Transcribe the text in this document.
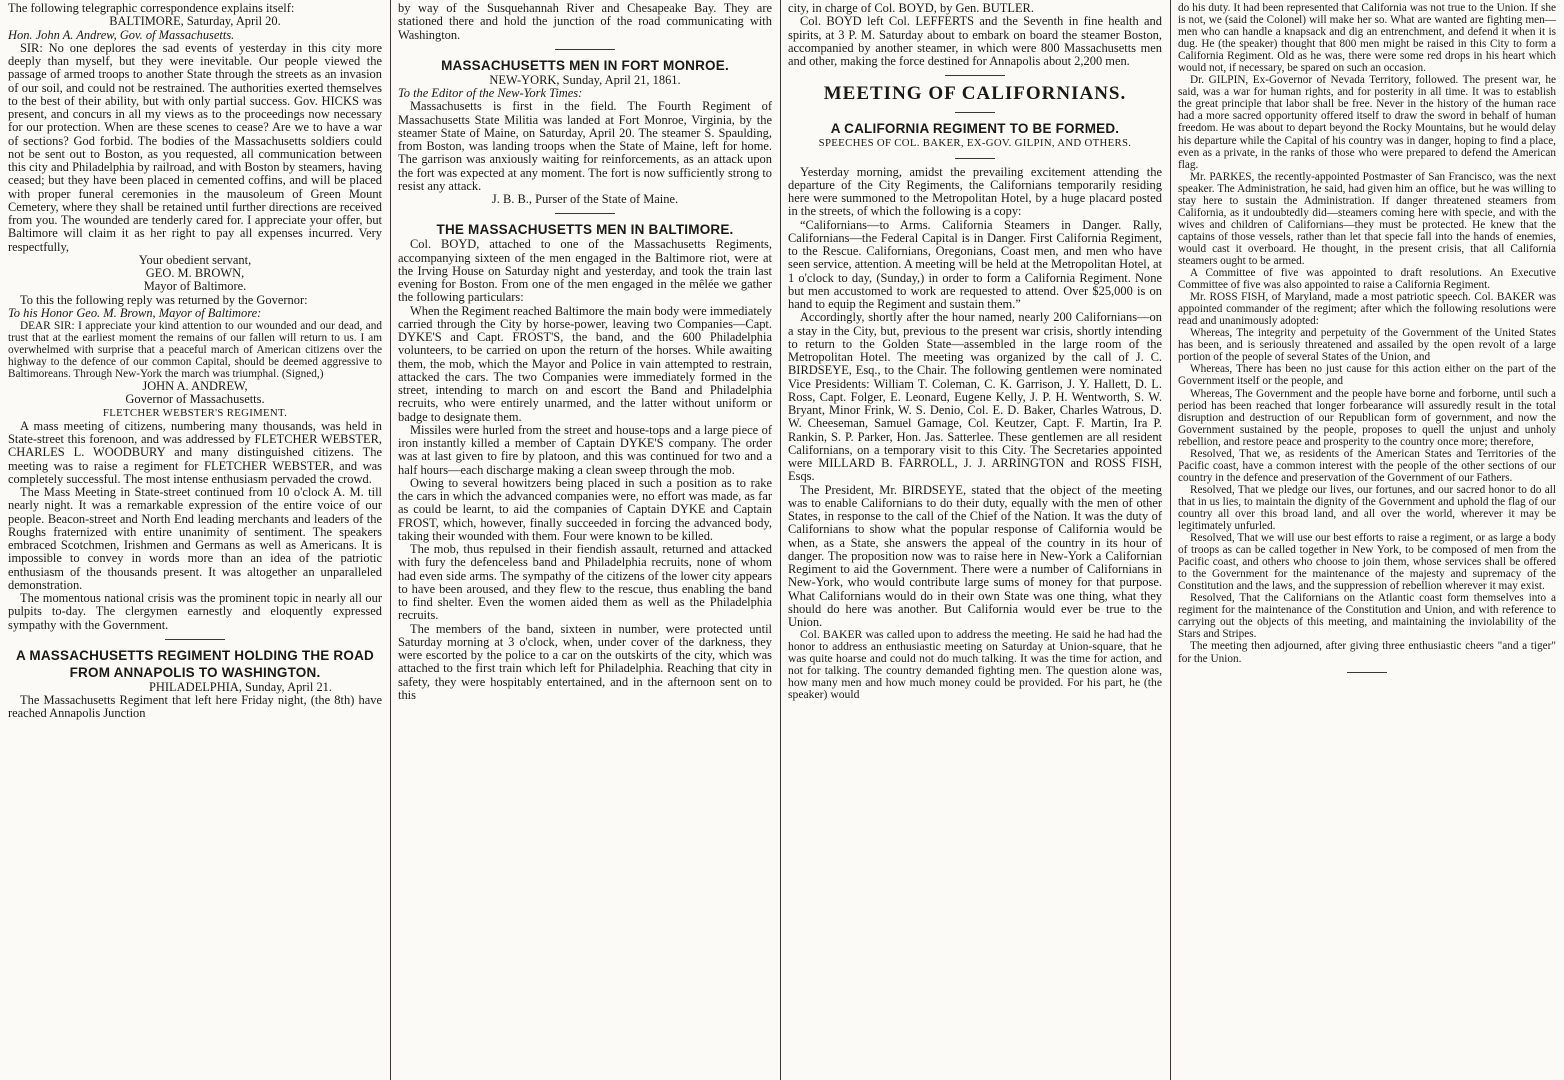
The following telegraphic correspondence explains itself:

BALTIMORE, Saturday, April 20.

Hon. John A. Andrew, Gov. of Massachusetts.

SIR: No one deplores the sad events of yesterday in this city more deeply than myself, but they were inevitable. Our people viewed the passage of armed troops to another State through the streets as an invasion of our soil, and could not be restrained. The authorities exerted themselves to the best of their ability, but with only partial success. Gov. HICKS was present, and concurs in all my views as to the proceedings now necessary for our protection. When are these scenes to cease? Are we to have a war of sections? God forbid. The bodies of the Massachusetts soldiers could not be sent out to Boston, as you requested, all communication between this city and Philadelphia by railroad, and with Boston by steamers, having ceased; but they have been placed in cemented coffins, and will be placed with proper funeral ceremonies in the mausoleum of Green Mount Cemetery, where they shall be retained until further directions are received from you. The wounded are tenderly cared for. I appreciate your offer, but Baltimore will claim it as her right to pay all expenses incurred. Very respectfully,

Your obedient servant,

GEO. M. BROWN,

Mayor of Baltimore.

To this the following reply was returned by the Governor:

To his Honor Geo. M. Brown, Mayor of Baltimore:

DEAR SIR: I appreciate your kind attention to our wounded and our dead, and trust that at the earliest moment the remains of our fallen will return to us. I am overwhelmed with surprise that a peaceful march of American citizens over the highway to the defence of our common Capital, should be deemed aggressive to Baltimoreans. Through New-York the march was triumphal. (Signed,)

JOHN A. ANDREW,

Governor of Massachusetts.

FLETCHER WEBSTER'S REGIMENT.

A mass meeting of citizens, numbering many thousands, was held in State-street this forenoon, and was addressed by FLETCHER WEBSTER, CHARLES L. WOODBURY and many distinguished citizens. The meeting was to raise a regiment for FLETCHER WEBSTER, and was completely successful. The most intense enthusiasm pervaded the crowd.

The Mass Meeting in State-street continued from 10 o'clock A. M. till nearly night. It was a remarkable expression of the entire voice of our people. Beacon-street and North End leading merchants and leaders of the Roughs fraternized with entire unanimity of sentiment. The speakers embraced Scotchmen, Irishmen and Germans as well as Americans. It is impossible to convey in words more than an idea of the patriotic enthusiasm of the thousands present. It was altogether an unparalleled demonstration.

The momentous national crisis was the prominent topic in nearly all our pulpits to-day. The clergymen earnestly and eloquently expressed sympathy with the Government.

A MASSACHUSETTS REGIMENT HOLDING THE ROAD FROM ANNAPOLIS TO WASHINGTON.

PHILADELPHIA, Sunday, April 21.

The Massachusetts Regiment that left here Friday night, (the 8th) have reached Annapolis Junction

by way of the Susquehannah River and Chesapeake Bay. They are stationed there and hold the junction of the road communicating with Washington.

MASSACHUSETTS MEN IN FORT MONROE.

NEW-YORK, Sunday, April 21, 1861.

To the Editor of the New-York Times:

Massachusetts is first in the field. The Fourth Regiment of Massachusetts State Militia was landed at Fort Monroe, Virginia, by the steamer State of Maine, on Saturday, April 20. The steamer S. Spaulding, from Boston, was landing troops when the State of Maine, left for home. The garrison was anxiously waiting for reinforcements, as an attack upon the fort was expected at any moment. The fort is now sufficiently strong to resist any attack.

J. B. B., Purser of the State of Maine.

THE MASSACHUSETTS MEN IN BALTIMORE.

Col. BOYD, attached to one of the Massachusetts Regiments, accompanying sixteen of the men engaged in the Baltimore riot, were at the Irving House on Saturday night and yesterday, and took the train last evening for Boston. From one of the men engaged in the mêlée we gather the following particulars:

When the Regiment reached Baltimore the main body were immediately carried through the City by horse-power, leaving two Companies—Capt. DYKE'S and Capt. FROST'S, the band, and the 600 Philadelphia volunteers, to be carried on upon the return of the horses. While awaiting them, the mob, which the Mayor and Police in vain attempted to restrain, attacked the cars. The two Companies were immediately formed in the street, intending to march on and escort the Band and Philadelphia recruits, who were entirely unarmed, and the latter without uniform or badge to designate them.

Missiles were hurled from the street and house-tops and a large piece of iron instantly killed a member of Captain DYKE'S company. The order was at last given to fire by platoon, and this was continued for two and a half hours—each discharge making a clean sweep through the mob.

Owing to several howitzers being placed in such a position as to rake the cars in which the advanced companies were, no effort was made, as far as could be learnt, to aid the companies of Captain DYKE and Captain FROST, which, however, finally succeeded in forcing the advanced body, taking their wounded with them. Four were known to be killed.

The mob, thus repulsed in their fiendish assault, returned and attacked with fury the defenceless band and Philadelphia recruits, none of whom had even side arms. The sympathy of the citizens of the lower city appears to have been aroused, and they flew to the rescue, thus enabling the band to find shelter. Even the women aided them as well as the Philadelphia recruits.

The members of the band, sixteen in number, were protected until Saturday morning at 3 o'clock, when, under cover of the darkness, they were escorted by the police to a car on the outskirts of the city, which was attached to the first train which left for Philadelphia. Reaching that city in safety, they were hospitably entertained, and in the afternoon sent on to this

city, in charge of Col. BOYD, by Gen. BUTLER.

Col. BOYD left Col. LEFFERTS and the Seventh in fine health and spirits, at 3 P. M. Saturday about to embark on board the steamer Boston, accompanied by another steamer, in which were 800 Massachusetts men and other, making the force destined for Annapolis about 2,200 men.

MEETING OF CALIFORNIANS.

A CALIFORNIA REGIMENT TO BE FORMED.

SPEECHES OF COL. BAKER, EX-GOV. GILPIN, AND OTHERS.

Yesterday morning, amidst the prevailing excitement attending the departure of the City Regiments, the Californians temporarily residing here were summoned to the Metropolitan Hotel, by a huge placard posted in the streets, of which the following is a copy:

“Californians—to Arms. California Steamers in Danger. Rally, Californians—the Federal Capital is in Danger. First California Regiment, to the Rescue. Californians, Oregonians, Coast men, and men who have seen service, attention. A meeting will be held at the Metropolitan Hotel, at 1 o'clock to day, (Sunday,) in order to form a California Regiment. None but men accustomed to work are requested to attend. Over $25,000 is on hand to equip the Regiment and sustain them.”

Accordingly, shortly after the hour named, nearly 200 Californians—on a stay in the City, but, previous to the present war crisis, shortly intending to return to the Golden State—assembled in the large room of the Metropolitan Hotel. The meeting was organized by the call of J. C. BIRDSEYE, Esq., to the Chair. The following gentlemen were nominated Vice Presidents: William T. Coleman, C. K. Garrison, J. Y. Hallett, D. L. Ross, Capt. Folger, E. Leonard, Eugene Kelly, J. P. H. Wentworth, S. W. Bryant, Minor Frink, W. S. Denio, Col. E. D. Baker, Charles Watrous, D. W. Cheeseman, Samuel Gamage, Col. Keutzer, Capt. F. Martin, Ira P. Rankin, S. P. Parker, Hon. Jas. Satterlee. These gentlemen are all resident Californians, on a temporary visit to this City. The Secretaries appointed were MILLARD B. FARROLL, J. J. ARRINGTON and ROSS FISH, Esqs.

The President, Mr. BIRDSEYE, stated that the object of the meeting was to enable Californians to do their duty, equally with the men of other States, in response to the call of the Chief of the Nation. It was the duty of Californians to show what the popular response of California would be when, as a State, she answers the appeal of the country in its hour of danger. The proposition now was to raise here in New-York a Californian Regiment to aid the Government. There were a number of Californians in New-York, who would contribute large sums of money for that purpose. What Californians would do in their own State was one thing, what they should do here was another. But California would ever be true to the Union.

Col. BAKER was called upon to address the meeting. He said he had had the honor to address an enthusiastic meeting on Saturday at Union-square, that he was quite hoarse and could not do much talking. It was the time for action, and not for talking. The country demanded fighting men. The question alone was, how many men and how much money could be provided. For his part, he (the speaker) would

do his duty. It had been represented that California was not true to the Union. If she is not, we (said the Colonel) will make her so. What are wanted are fighting men—men who can handle a knapsack and dig an entrenchment, and defend it when it is dug. He (the speaker) thought that 800 men might be raised in this City to form a California Regiment. Old as he was, there were some red drops in his heart which would not, if necessary, be spared on such an occasion.

Dr. GILPIN, Ex-Governor of Nevada Territory, followed. The present war, he said, was a war for human rights, and for posterity in all time. It was to establish the great principle that labor shall be free. Never in the history of the human race had a more sacred opportunity offered itself to draw the sword in behalf of human freedom. He was about to depart beyond the Rocky Mountains, but he would delay his departure while the Capital of his country was in danger, hoping to find a place, even as a private, in the ranks of those who were prepared to defend the American flag.

Mr. PARKES, the recently-appointed Postmaster of San Francisco, was the next speaker. The Administration, he said, had given him an office, but he was willing to stay here to sustain the Administration. If danger threatened steamers from California, as it undoubtedly did—steamers coming here with specie, and with the wives and children of Californians—they must be protected. He knew that the captains of those vessels, rather than let that specie fall into the hands of enemies, would cast it overboard. He thought, in the present crisis, that all California steamers ought to be armed.

A Committee of five was appointed to draft resolutions. An Executive Committee of five was also appointed to raise a California Regiment.

Mr. ROSS FISH, of Maryland, made a most patriotic speech. Col. BAKER was appointed commander of the regiment; after which the following resolutions were read and unanimously adopted:

Whereas, The integrity and perpetuity of the Government of the United States has been, and is seriously threatened and assailed by the open revolt of a large portion of the people of several States of the Union, and

Whereas, There has been no just cause for this action either on the part of the Government itself or the people, and

Whereas, The Government and the people have borne and forborne, until such a period has been reached that longer forbearance will assuredly result in the total disruption and destruction of our Republican form of government, and now the Government sustained by the people, proposes to quell the unjust and unholy rebellion, and restore peace and prosperity to the country once more; therefore,

Resolved, That we, as residents of the American States and Territories of the Pacific coast, have a common interest with the people of the other sections of our country in the defence and preservation of the Government of our Fathers.

Resolved, That we pledge our lives, our fortunes, and our sacred honor to do all that in us lies, to maintain the dignity of the Government and uphold the flag of our country all over this broad land, and all over the world, wherever it may be legitimately unfurled.

Resolved, That we will use our best efforts to raise a regiment, or as large a body of troops as can be called together in New York, to be composed of men from the Pacific coast, and others who choose to join them, whose services shall be offered to the Government for the maintenance of the majesty and supremacy of the Constitution and the laws, and the suppression of rebellion wherever it may exist.

Resolved, That the Californians on the Atlantic coast form themselves into a regiment for the maintenance of the Constitution and Union, and with reference to carrying out the objects of this meeting, and maintaining the inviolability of the Stars and Stripes.

The meeting then adjourned, after giving three enthusiastic cheers "and a tiger" for the Union.
